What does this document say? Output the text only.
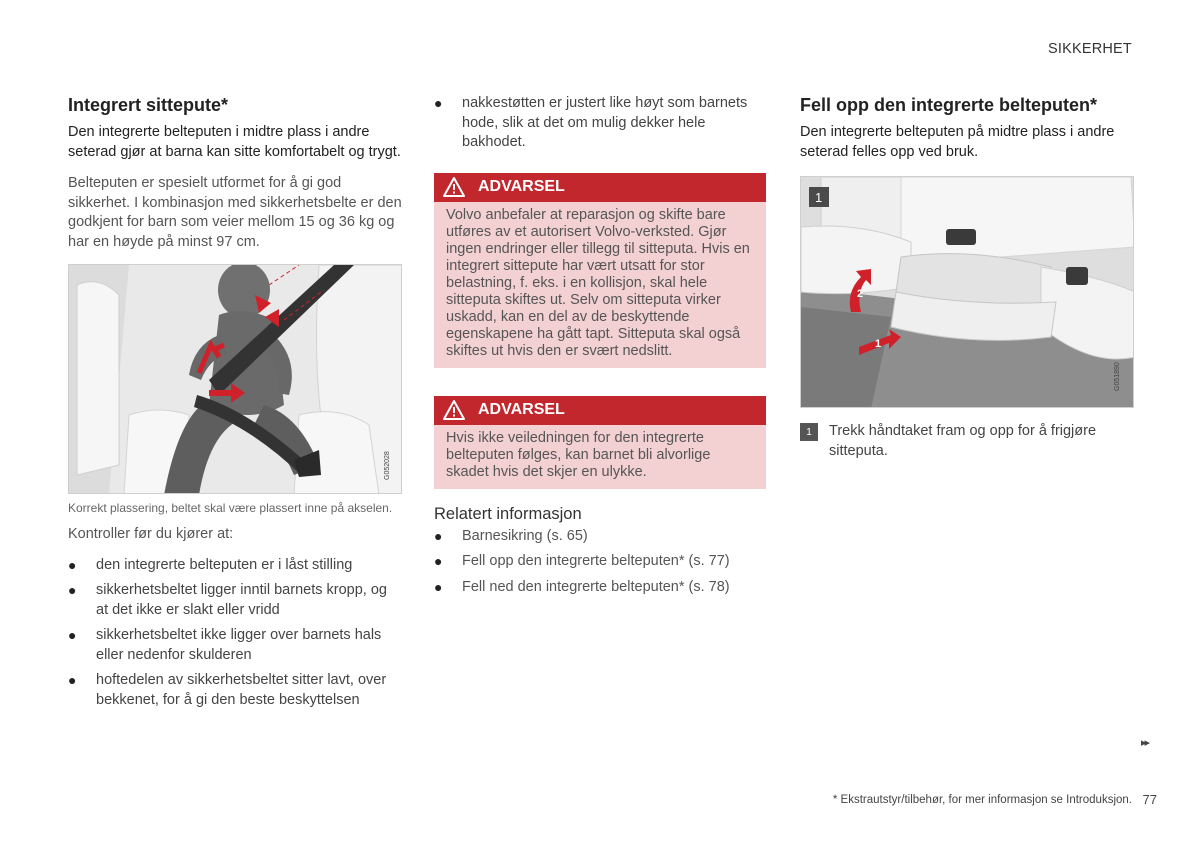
SIKKERHET
Integrert sittepute*

Den integrerte belteputen i midtre plass i andre seterad gjør at barna kan sitte komfortabelt og trygt.

Belteputen er spesielt utformet for å gi god sikkerhet. I kombinasjon med sikkerhetsbelte er den godkjent for barn som veier mellom 15 og 36 kg og har en høyde på minst 97 cm.

G052028
Korrekt plassering, beltet skal være plassert inne på akselen.

Kontroller før du kjører at:

● den integrerte belteputen er i låst stilling
● sikkerhetsbeltet ligger inntil barnets kropp, og at det ikke er slakt eller vridd
● sikkerhetsbeltet ikke ligger over barnets hals eller nedenfor skulderen
● hoftedelen av sikkerhetsbeltet sitter lavt, over bekkenet, for å gi den beste beskyttelsen
● nakkestøtten er justert like høyt som barnets hode, slik at det om mulig dekker hele bakhodet.
ADVARSEL
Volvo anbefaler at reparasjon og skifte bare utføres av et autorisert Volvo-verksted. Gjør ingen endringer eller tillegg til sitteputa. Hvis en integrert sittepute har vært utsatt for stor belastning, f. eks. i en kollisjon, skal hele sitteputa skiftes ut. Selv om sitteputa virker uskadd, kan en del av de beskyttende egenskapene ha gått tapt. Sitteputa skal også skiftes ut hvis den er svært nedslitt.
ADVARSEL
Hvis ikke veiledningen for den integrerte belteputen følges, kan barnet bli alvorlige skadet hvis det skjer en ulykke.
Relatert informasjon
● Barnesikring (s. 65)
● Fell opp den integrerte belteputen* (s. 77)
● Fell ned den integrerte belteputen* (s. 78)
Fell opp den integrerte belteputen*

Den integrerte belteputen på midtre plass i andre seterad felles opp ved bruk.

2
1
1
G051890
1	Trekk håndtaket fram og opp for å frigjøre sitteputa.
▸▸
* Ekstrautstyr/tilbehør, for mer informasjon se Introduksjon. 77
